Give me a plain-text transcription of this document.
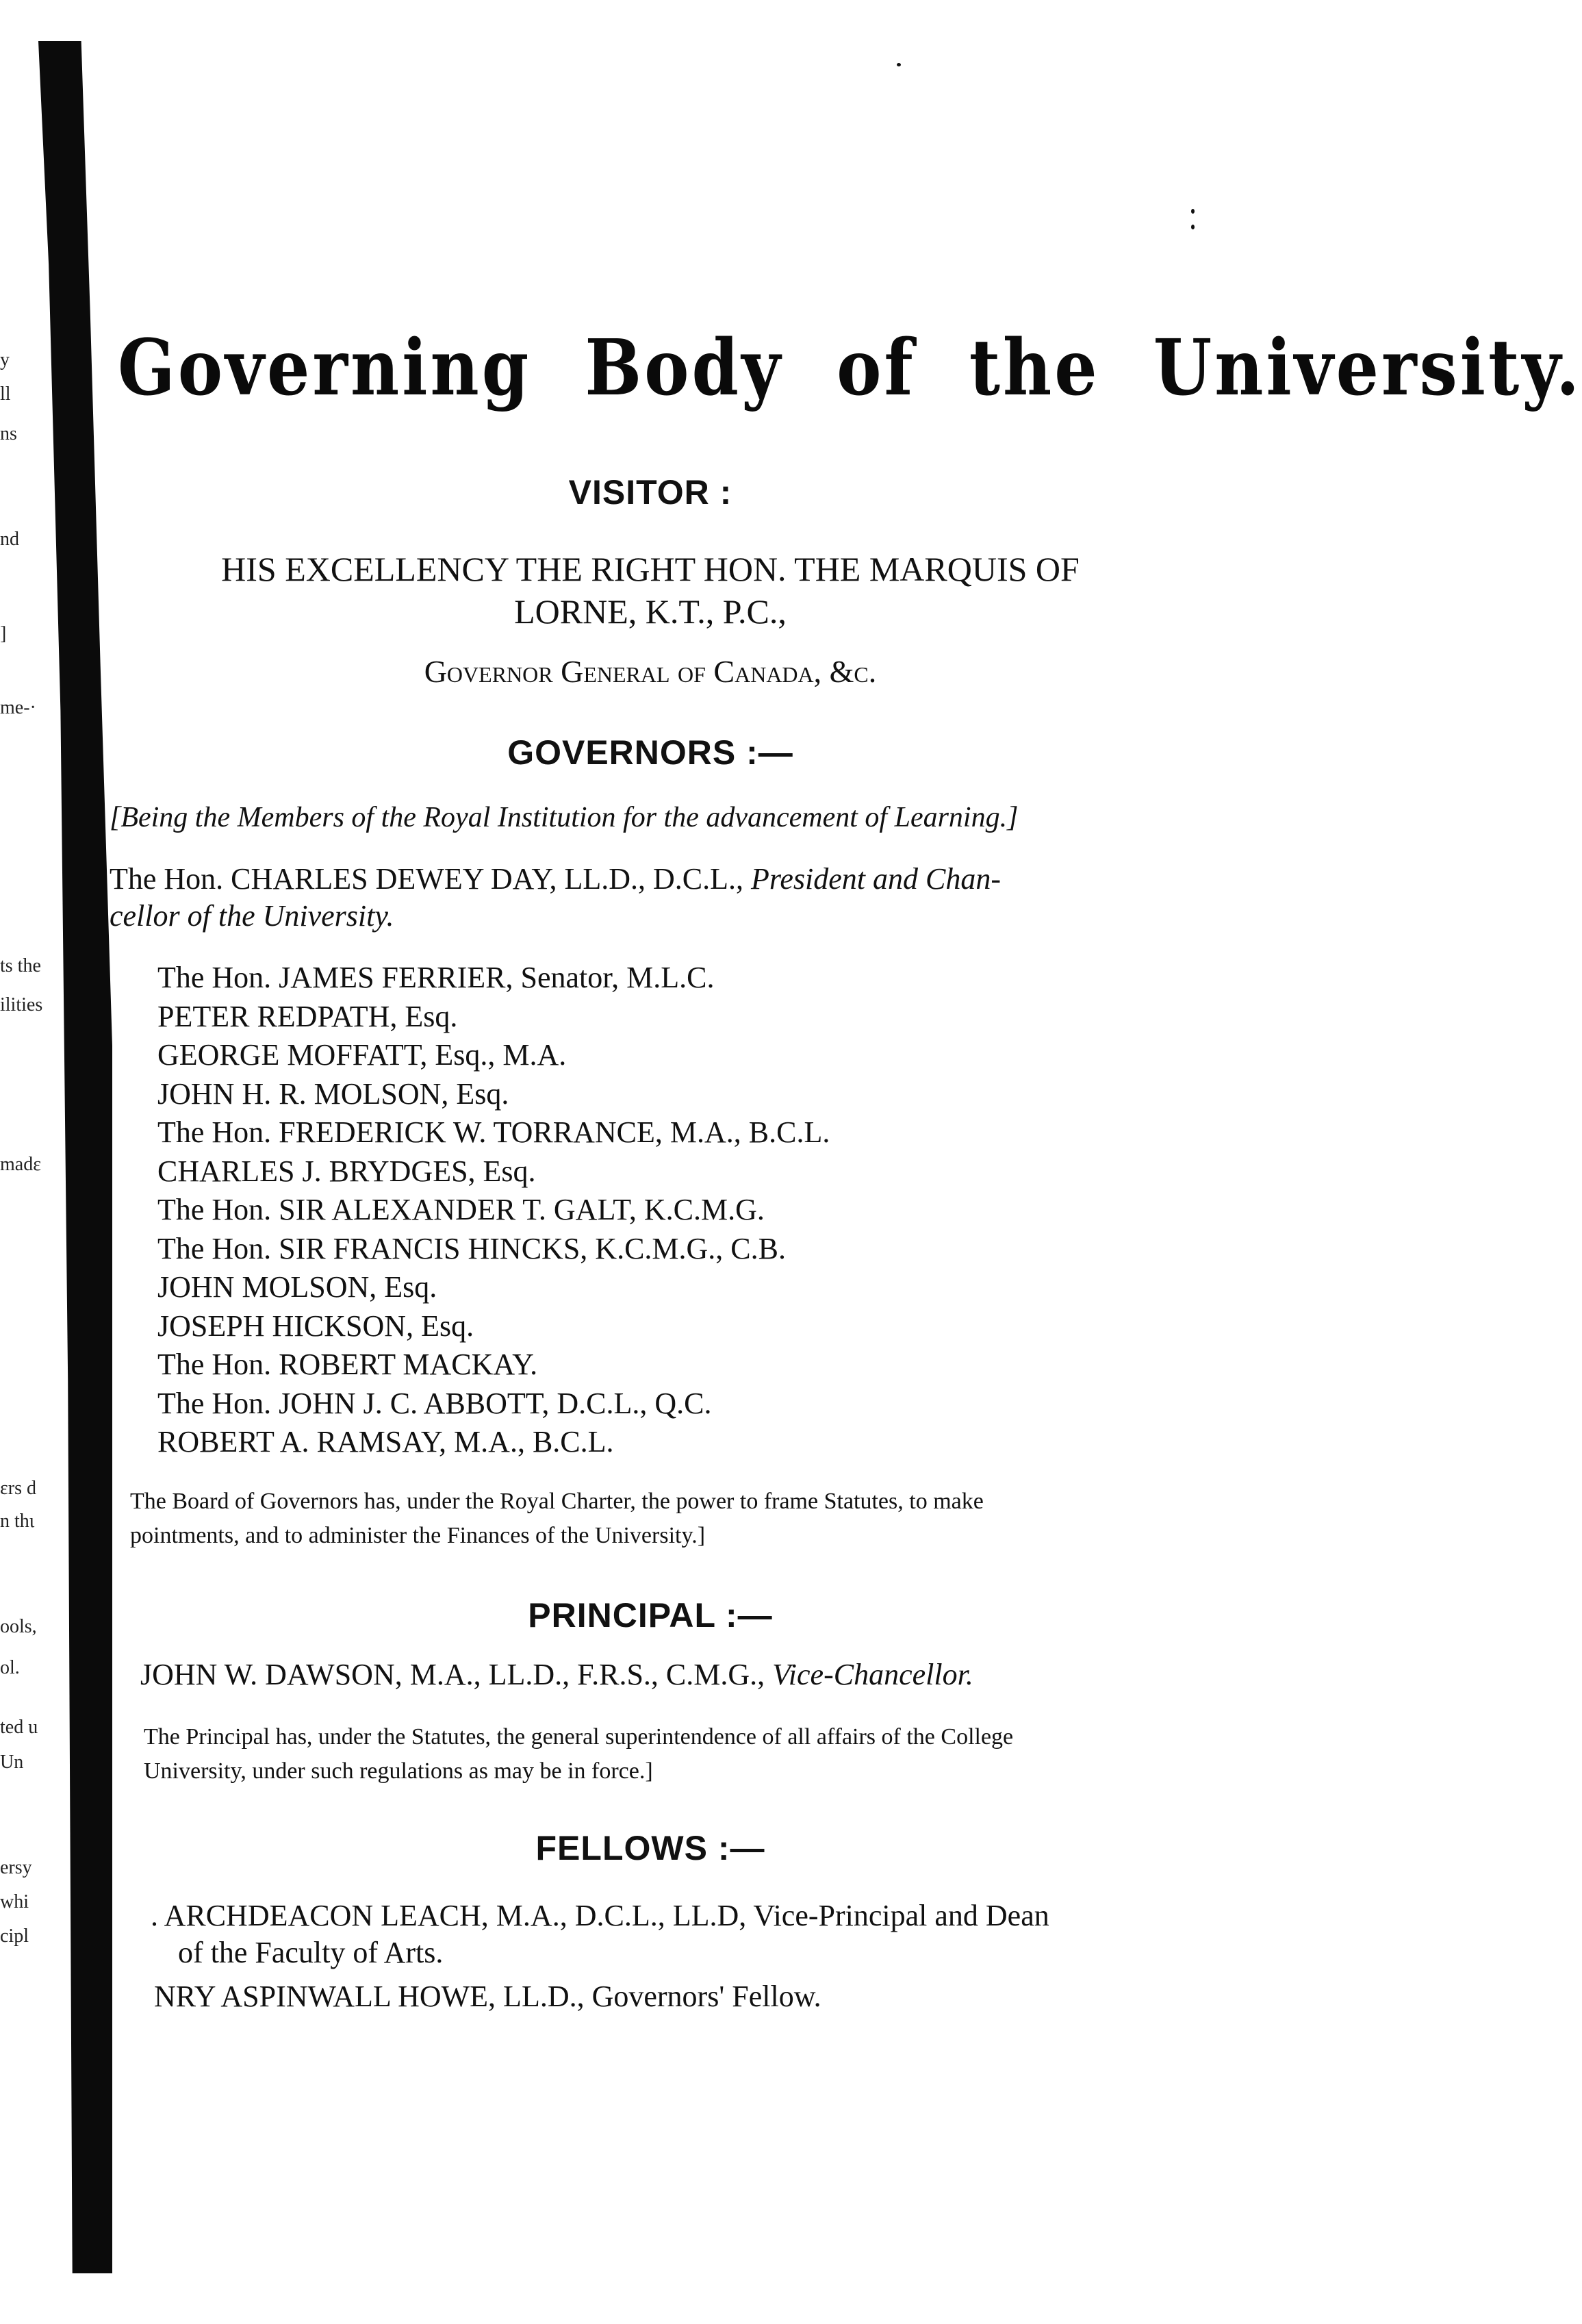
y
ll
ns
nd
]
me-·
ts the
ilities
madε
ɛrs d
n thι
ools,
ol.
ted u
Un
ersy
whi
cipl
Governing Body of the University.
VISITOR :
HIS EXCELLENCY THE RIGHT HON. THE MARQUIS OF
LORNE, K.T., P.C.,
Governor General of Canada, &c.
GOVERNORS :—
[Being the Members of the Royal Institution for the advancement of Learning.]
The Hon. CHARLES DEWEY DAY, LL.D., D.C.L., President and Chan-
cellor of the University.
The Hon. JAMES FERRIER, Senator, M.L.C.
PETER REDPATH, Esq.
GEORGE MOFFATT, Esq., M.A.
JOHN H. R. MOLSON, Esq.
The Hon. FREDERICK W. TORRANCE, M.A., B.C.L.
CHARLES J. BRYDGES, Esq.
The Hon. SIR ALEXANDER T. GALT, K.C.M.G.
The Hon. SIR FRANCIS HINCKS, K.C.M.G., C.B.
JOHN MOLSON, Esq.
JOSEPH HICKSON, Esq.
The Hon. ROBERT MACKAY.
The Hon. JOHN J. C. ABBOTT, D.C.L., Q.C.
ROBERT A. RAMSAY, M.A., B.C.L.
The Board of Governors has, under the Royal Charter, the power to frame Statutes, to make
pointments, and to administer the Finances of the University.]
PRINCIPAL :—
JOHN W. DAWSON, M.A., LL.D., F.R.S., C.M.G., Vice-Chancellor.
The Principal has, under the Statutes, the general superintendence of all affairs of the College
University, under such regulations as may be in force.]
FELLOWS :—
. ARCHDEACON LEACH, M.A., D.C.L., LL.D, Vice-Principal and Dean
of the Faculty of Arts.
NRY ASPINWALL HOWE, LL.D., Governors' Fellow.
